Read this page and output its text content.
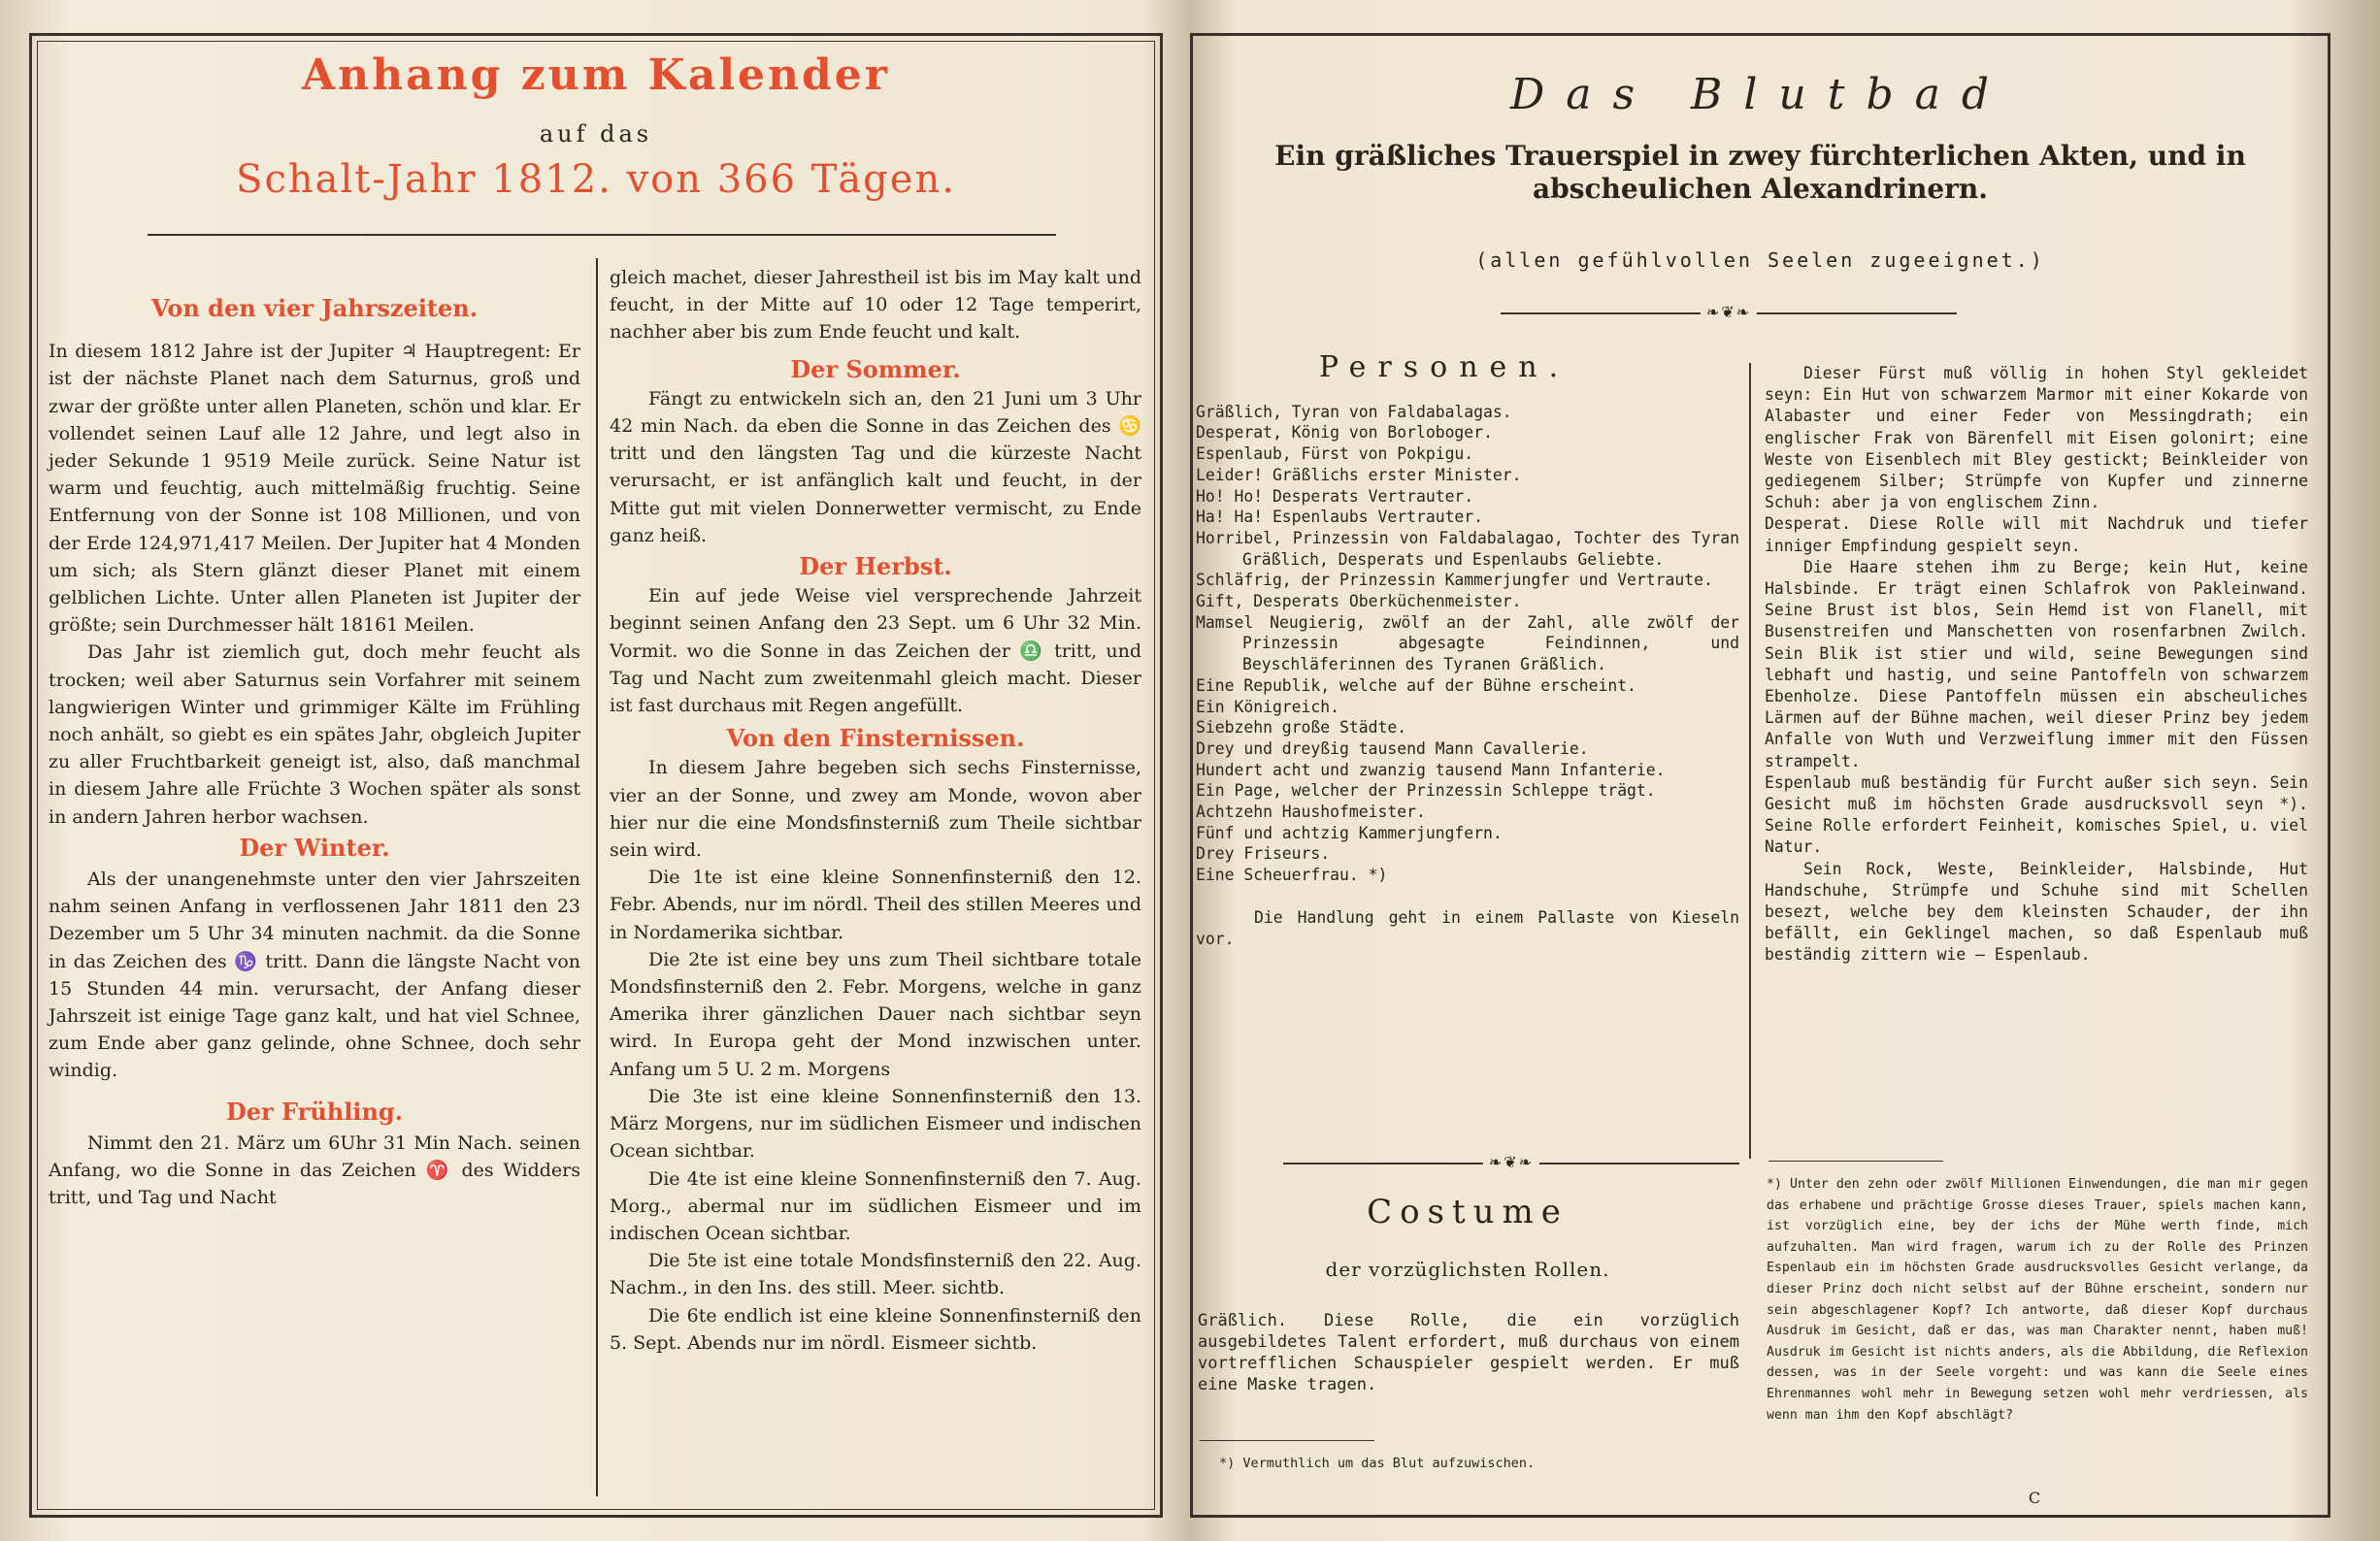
Anhang zum Kalender
auf das
Schalt-Jahr 1812. von 366 Tägen.
Von den vier Jahrszeiten.

In diesem 1812 Jahre ist der Jupiter ♃ Hauptregent: Er ist der nächste Planet nach dem Saturnus, groß und zwar der größte unter allen Planeten, schön und klar. Er vollendet seinen Lauf alle 12 Jahre, und legt also in jeder Sekunde 1 9519 Meile zurück. Seine Natur ist warm und feuchtig, auch mittelmäßig fruchtig. Seine Entfernung von der Sonne ist 108 Millionen, und von der Erde 124,971,417 Meilen. Der Jupiter hat 4 Monden um sich; als Stern glänzt dieser Planet mit einem gelblichen Lichte. Unter allen Planeten ist Jupiter der größte; sein Durchmesser hält 18161 Meilen.

Das Jahr ist ziemlich gut, doch mehr feucht als trocken; weil aber Saturnus sein Vorfahrer mit seinem langwierigen Winter und grimmiger Kälte im Frühling noch anhält, so giebt es ein spätes Jahr, obgleich Jupiter zu aller Fruchtbarkeit geneigt ist, also, daß manchmal in diesem Jahre alle Früchte 3 Wochen später als sonst in andern Jahren herbor wachsen.

Der Winter.

Als der unangenehmste unter den vier Jahrszeiten nahm seinen Anfang in verflossenen Jahr 1811 den 23 Dezember um 5 Uhr 34 minuten nachmit. da die Sonne in das Zeichen des ♑ tritt. Dann die längste Nacht von 15 Stunden 44 min. verursacht, der Anfang dieser Jahrszeit ist einige Tage ganz kalt, und hat viel Schnee, zum Ende aber ganz gelinde, ohne Schnee, doch sehr windig.

Der Frühling.

Nimmt den 21. März um 6Uhr 31 Min Nach. seinen Anfang, wo die Sonne in das Zeichen ♈ des Widders tritt, und Tag und Nacht

gleich machet, dieser Jahrestheil ist bis im May kalt und feucht, in der Mitte auf 10 oder 12 Tage temperirt, nachher aber bis zum Ende feucht und kalt.

Der Sommer.

Fängt zu entwickeln sich an, den 21 Juni um 3 Uhr 42 min Nach. da eben die Sonne in das Zeichen des ♋ tritt und den längsten Tag und die kürzeste Nacht verursacht, er ist anfänglich kalt und feucht, in der Mitte gut mit vielen Donnerwetter vermischt, zu Ende ganz heiß.

Der Herbst.

Ein auf jede Weise viel versprechende Jahrzeit beginnt seinen Anfang den 23 Sept. um 6 Uhr 32 Min. Vormit. wo die Sonne in das Zeichen der ♎ tritt, und Tag und Nacht zum zweitenmahl gleich macht. Dieser ist fast durchaus mit Regen angefüllt.

Von den Finsternissen.

In diesem Jahre begeben sich sechs Finsternisse, vier an der Sonne, und zwey am Monde, wovon aber hier nur die eine Mondsfinsterniß zum Theile sichtbar sein wird.

Die 1te ist eine kleine Sonnenfinsterniß den 12. Febr. Abends, nur im nördl. Theil des stillen Meeres und in Nordamerika sichtbar.

Die 2te ist eine bey uns zum Theil sichtbare totale Mondsfinsterniß den 2. Febr. Morgens, welche in ganz Amerika ihrer gänzlichen Dauer nach sichtbar seyn wird. In Europa geht der Mond inzwischen unter. Anfang um 5 U. 2 m. Morgens

Die 3te ist eine kleine Sonnenfinsterniß den 13. März Morgens, nur im südlichen Eismeer und indischen Ocean sichtbar.

Die 4te ist eine kleine Sonnenfinsterniß den 7. Aug. Morg., abermal nur im südlichen Eismeer und im indischen Ocean sichtbar.

Die 5te ist eine totale Mondsfinsterniß den 22. Aug. Nachm., in den Ins. des still. Meer. sichtb.

Die 6te endlich ist eine kleine Sonnenfinsterniß den 5. Sept. Abends nur im nördl. Eismeer sichtb.

Das Blutbad
Ein gräßliches Trauerspiel in zwey fürchterlichen Akten, und in abscheulichen Alexandrinern.
(allen gefühlvollen Seelen zugeeignet.)
❧❦❧
Personen.

Gräßlich, Tyran von Faldabalagas.

Desperat, König von Borloboger.

Espenlaub, Fürst von Pokpigu.

Leider! Gräßlichs erster Minister.

Ho! Ho! Desperats Vertrauter.

Ha! Ha! Espenlaubs Vertrauter.

Horribel, Prinzessin von Faldabalagao, Tochter des Tyran Gräßlich, Desperats und Espenlaubs Geliebte.

Schläfrig, der Prinzessin Kammerjungfer und Vertraute.

Gift, Desperats Oberküchenmeister.

Mamsel Neugierig, zwölf an der Zahl, alle zwölf der Prinzessin abgesagte Feindinnen, und Beyschläferinnen des Tyranen Gräßlich.

Eine Republik, welche auf der Bühne erscheint.

Ein Königreich.

Siebzehn große Städte.

Drey und dreyßig tausend Mann Cavallerie.

Hundert acht und zwanzig tausend Mann Infanterie.

Ein Page, welcher der Prinzessin Schleppe trägt.

Achtzehn Haushofmeister.

Fünf und achtzig Kammerjungfern.

Drey Friseurs.

Eine Scheuerfrau. *)

Die Handlung geht in einem Pallaste von Kieseln vor.

❧❦❧
Costume
der vorzüglichsten Rollen.

Gräßlich. Diese Rolle, die ein vorzüglich ausgebildetes Talent erfordert, muß durchaus von einem vortrefflichen Schauspieler gespielt werden. Er muß eine Maske tragen.

*) Vermuthlich um das Blut aufzuwischen.

Dieser Fürst muß völlig in hohen Styl gekleidet seyn: Ein Hut von schwarzem Marmor mit einer Kokarde von Alabaster und einer Feder von Messingdrath; ein englischer Frak von Bärenfell mit Eisen golonirt; eine Weste von Eisenblech mit Bley gestickt; Beinkleider von gediegenem Silber; Strümpfe von Kupfer und zinnerne Schuh: aber ja von englischem Zinn.

Desperat. Diese Rolle will mit Nachdruk und tiefer inniger Empfindung gespielt seyn.

Die Haare stehen ihm zu Berge; kein Hut, keine Halsbinde. Er trägt einen Schlafrok von Pakleinwand. Seine Brust ist blos, Sein Hemd ist von Flanell, mit Busenstreifen und Manschetten von rosenfarbnen Zwilch. Sein Blik ist stier und wild, seine Bewegungen sind lebhaft und hastig, und seine Pantoffeln von schwarzem Ebenholze. Diese Pantoffeln müssen ein abscheuliches Lärmen auf der Bühne machen, weil dieser Prinz bey jedem Anfalle von Wuth und Verzweiflung immer mit den Füssen strampelt.

Espenlaub muß beständig für Furcht außer sich seyn. Sein Gesicht muß im höchsten Grade ausdrucksvoll seyn *). Seine Rolle erfordert Feinheit, komisches Spiel, u. viel Natur.

Sein Rock, Weste, Beinkleider, Halsbinde, Hut Handschuhe, Strümpfe und Schuhe sind mit Schellen besezt, welche bey dem kleinsten Schauder, der ihn befällt, ein Geklingel machen, so daß Espenlaub muß beständig zittern wie — Espenlaub.

*) Unter den zehn oder zwölf Millionen Einwendungen, die man mir gegen das erhabene und prächtige Grosse dieses Trauer, spiels machen kann, ist vorzüglich eine, bey der ichs der Mühe werth finde, mich aufzuhalten. Man wird fragen, warum ich zu der Rolle des Prinzen Espenlaub ein im höchsten Grade ausdrucksvolles Gesicht verlange, da dieser Prinz doch nicht selbst auf der Bühne erscheint, sondern nur sein abgeschlagener Kopf? Ich antworte, daß dieser Kopf durchaus Ausdruk im Gesicht, daß er das, was man Charakter nennt, haben muß! Ausdruk im Gesicht ist nichts anders, als die Abbildung, die Reflexion dessen, was in der Seele vorgeht: und was kann die Seele eines Ehrenmannes wohl mehr in Bewegung setzen wohl mehr verdriessen, als wenn man ihm den Kopf abschlägt?

C
